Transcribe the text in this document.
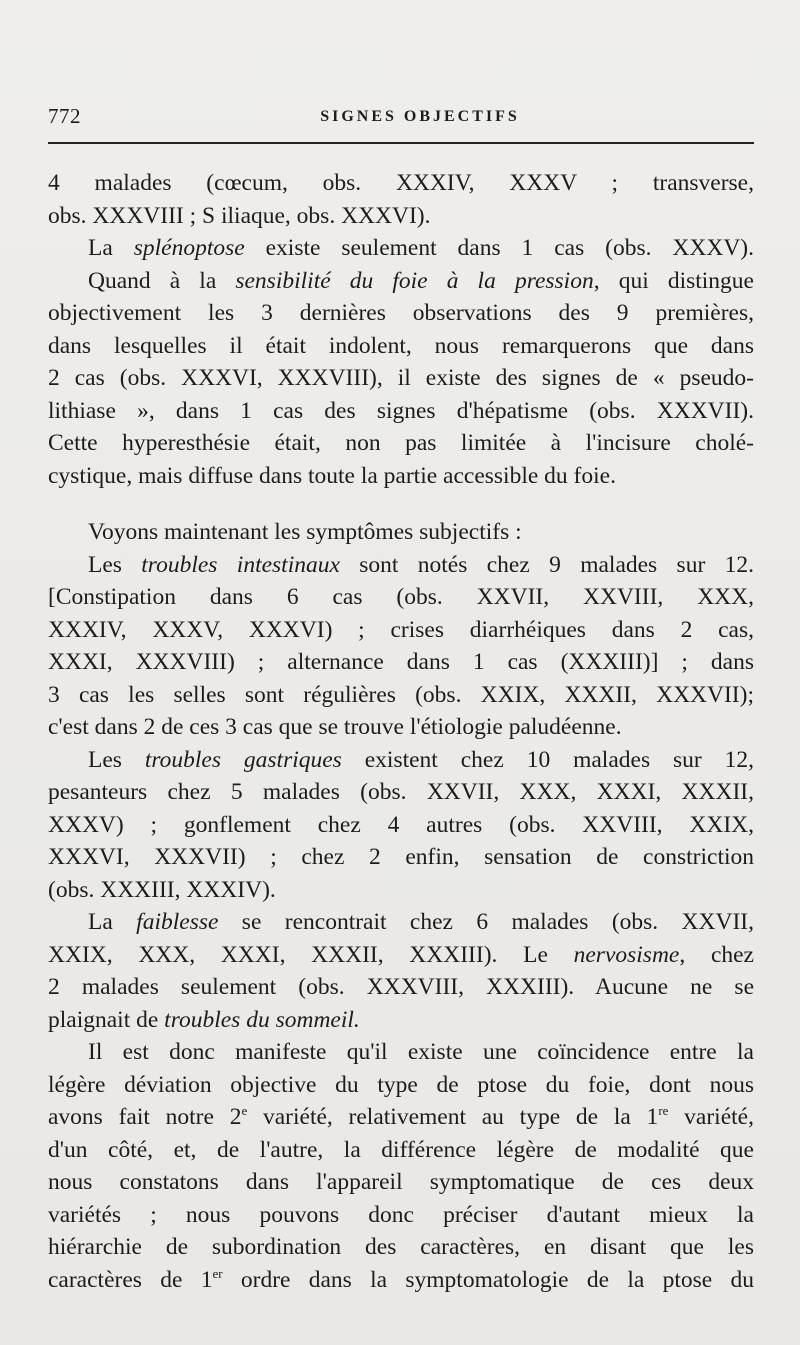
772	SIGNES OBJECTIFS
4 malades (cœcum, obs. XXXIV, XXXV ; transverse,
obs. XXXVIII ; S iliaque, obs. XXXVI).
La splénoptose existe seulement dans 1 cas (obs. XXXV).
Quand à la sensibilité du foie à la pression, qui distingue
objectivement les 3 dernières observations des 9 premières,
dans lesquelles il était indolent, nous remarquerons que dans
2 cas (obs. XXXVI, XXXVIII), il existe des signes de « pseudo-
lithiase », dans 1 cas des signes d'hépatisme (obs. XXXVII).
Cette hyperesthésie était, non pas limitée à l'incisure cholé-
cystique, mais diffuse dans toute la partie accessible du foie.
Voyons maintenant les symptômes subjectifs :
Les troubles intestinaux sont notés chez 9 malades sur 12.
[Constipation dans 6 cas (obs. XXVII, XXVIII, XXX,
XXXIV, XXXV, XXXVI) ; crises diarrhéiques dans 2 cas,
XXXI, XXXVIII) ; alternance dans 1 cas (XXXIII)] ; dans
3 cas les selles sont régulières (obs. XXIX, XXXII, XXXVII);
c'est dans 2 de ces 3 cas que se trouve l'étiologie paludéenne.
Les troubles gastriques existent chez 10 malades sur 12,
pesanteurs chez 5 malades (obs. XXVII, XXX, XXXI, XXXII,
XXXV) ; gonflement chez 4 autres (obs. XXVIII, XXIX,
XXXVI, XXXVII) ; chez 2 enfin, sensation de constriction
(obs. XXXIII, XXXIV).
La faiblesse se rencontrait chez 6 malades (obs. XXVII,
XXIX, XXX, XXXI, XXXII, XXXIII). Le nervosisme, chez
2 malades seulement (obs. XXXVIII, XXXIII). Aucune ne se
plaignait de troubles du sommeil.
Il est donc manifeste qu'il existe une coïncidence entre la
légère déviation objective du type de ptose du foie, dont nous
avons fait notre 2e variété, relativement au type de la 1re variété,
d'un côté, et, de l'autre, la différence légère de modalité que
nous constatons dans l'appareil symptomatique de ces deux
variétés ; nous pouvons donc préciser d'autant mieux la
hiérarchie de subordination des caractères, en disant que les
caractères de 1er ordre dans la symptomatologie de la ptose du
